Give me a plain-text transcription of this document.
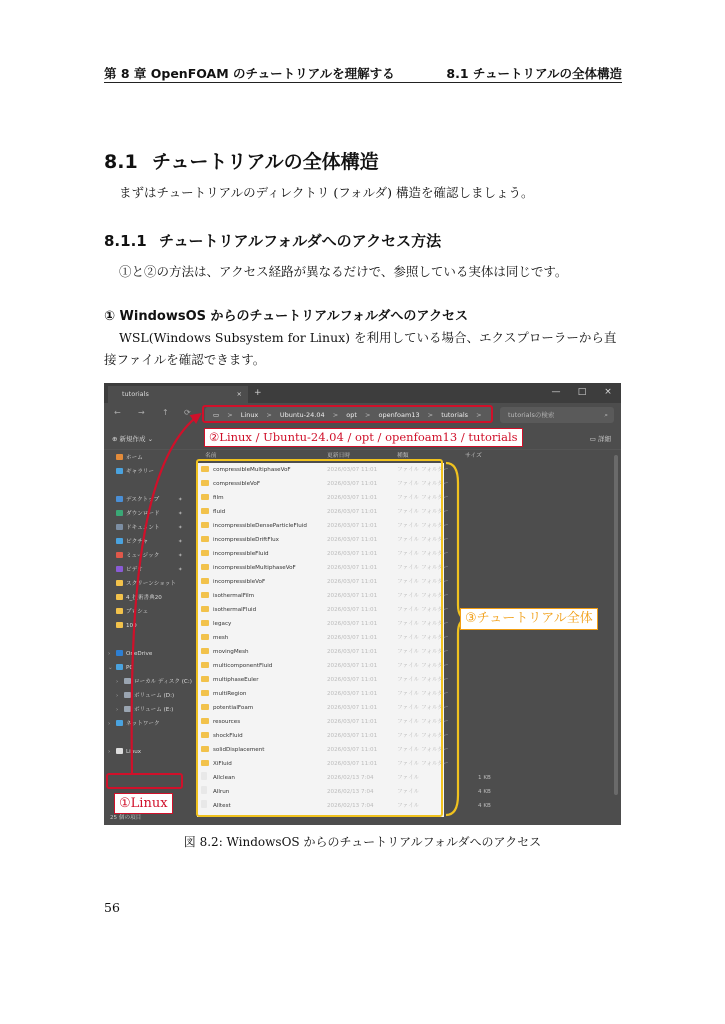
第 8 章 OpenFOAM のチュートリアルを理解する	8.1 チュートリアルの全体構造
8.1 チュートリアルの全体構造
まずはチュートリアルのディレクトリ (フォルダ) 構造を確認しましょう。
8.1.1 チュートリアルフォルダへのアクセス方法
①と②の方法は、アクセス経路が異なるだけで、参照している実体は同じです。
① WindowsOS からのチュートリアルフォルダへのアクセス
WSL(Windows Subsystem for Linux) を利用している場合、エクスプローラーから直接ファイルを確認できます。
tutorials	× +	— □ ×
← → ↑ ⟳	▭ > Linux > Ubuntu-24.04 > opt > openfoam13 > tutorials >	tutorialsの検索	⌕
⊕ 新規作成 ⌄	▭ 詳細
ホーム
ギャラリー
デスクトップ	✦
ダウンロード	✦
ドキュメント	✦
ピクチャ	✦
ミュージック	✦
ビデオ	✦
スクリーンショット
4_技術書典20
プロシェ
100
›	OneDrive
⌄ PC
›	ローカル ディスク (C:)
›	ボリューム (D:)
›	ボリューム (E:)
›	ネットワーク
›	Linux
名前	更新日時	種類	サイズ
compressibleMultiphaseVoF	2026/03/07 11:01	ファイル フォルダー
compressibleVoF	2026/03/07 11:01	ファイル フォルダー
film	2026/03/07 11:01	ファイル フォルダー
fluid	2026/03/07 11:01	ファイル フォルダー
incompressibleDenseParticleFluid	2026/03/07 11:01	ファイル フォルダー
incompressibleDriftFlux	2026/03/07 11:01	ファイル フォルダー
incompressibleFluid	2026/03/07 11:01	ファイル フォルダー
incompressibleMultiphaseVoF	2026/03/07 11:01	ファイル フォルダー
incompressibleVoF	2026/03/07 11:01	ファイル フォルダー
isothermalFilm	2026/03/07 11:01	ファイル フォルダー
isothermalFluid	2026/03/07 11:01	ファイル フォルダー
legacy	2026/03/07 11:01	ファイル フォルダー
mesh	2026/03/07 11:01	ファイル フォルダー
movingMesh	2026/03/07 11:01	ファイル フォルダー
multicomponentFluid	2026/03/07 11:01	ファイル フォルダー
multiphaseEuler	2026/03/07 11:01	ファイル フォルダー
multiRegion	2026/03/07 11:01	ファイル フォルダー
potentialFoam	2026/03/07 11:01	ファイル フォルダー
resources	2026/03/07 11:01	ファイル フォルダー
shockFluid	2026/03/07 11:01	ファイル フォルダー
solidDisplacement	2026/03/07 11:01	ファイル フォルダー
XiFluid	2026/03/07 11:01	ファイル フォルダー
Allclean	2026/02/13 7:04	ファイル	1 KB
Allrun	2026/02/13 7:04	ファイル	4 KB
Alltest	2026/02/13 7:04	ファイル	4 KB
25 個の項目
②Linux / Ubuntu-24.04 / opt / openfoam13 / tutorials
①Linux
③チュートリアル全体
図 8.2: WindowsOS からのチュートリアルフォルダへのアクセス
56
